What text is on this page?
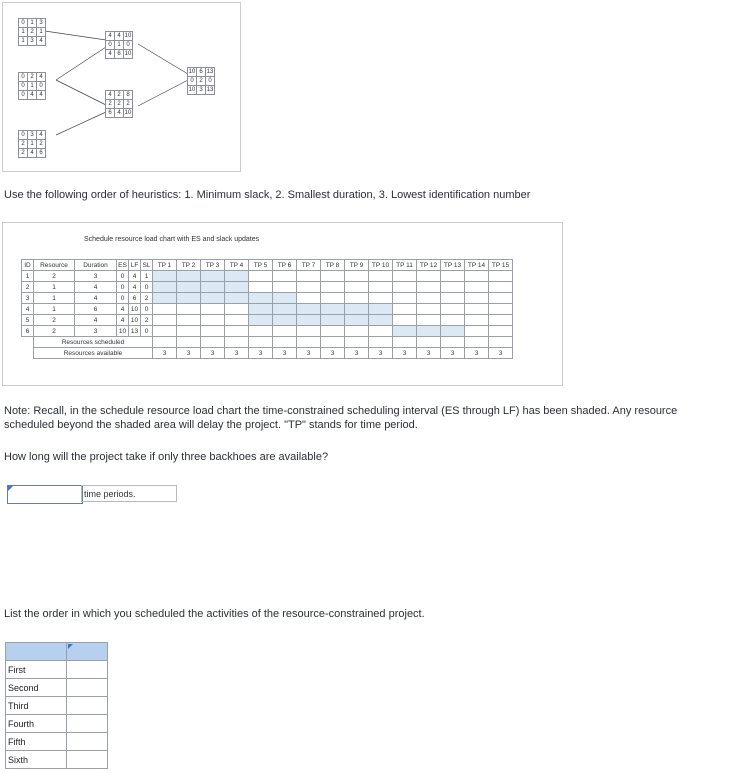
0	1	3
1	2	1
1	3	4
0	2	4
0	1	0
0	4	4
0	3	4
2	1	2
2	4	6
4	4	10
0	1	0
4	6	10
4	2	8
2	2	2
6	4	10
10	6	13
0	2	0
10	3	13
Use the following order of heuristics: 1. Minimum slack, 2. Smallest duration, 3. Lowest identification number
Schedule resource load chart with ES and slack updates
ID	Resource	Duration	ES	LF	SL	TP 1	TP 2	TP 3	TP 4	TP 5	TP 6	TP 7	TP 8	TP 9	TP 10	TP 11	TP 12	TP 13	TP 14	TP 15
1	2	3	0	4	1															
2	1	4	0	4	0															
3	1	4	0	6	2															
4	1	6	4	10	0															
5	2	4	4	10	2															
6	2	3	10	13	0															
	Resources scheduled																			
	Resources available					3	3	3	3	3	3	3	3	3	3	3	3	3	3	3
Note: Recall, in the schedule resource load chart the time-constrained scheduling interval (ES through LF) has been shaded. Any resource scheduled beyond the shaded area will delay the project. "TP" stands for time period.
How long will the project take if only three backhoes are available?
time periods.
List the order in which you scheduled the activities of the resource-constrained project.

First	
Second	
Third	
Fourth	
Fifth	
Sixth	
